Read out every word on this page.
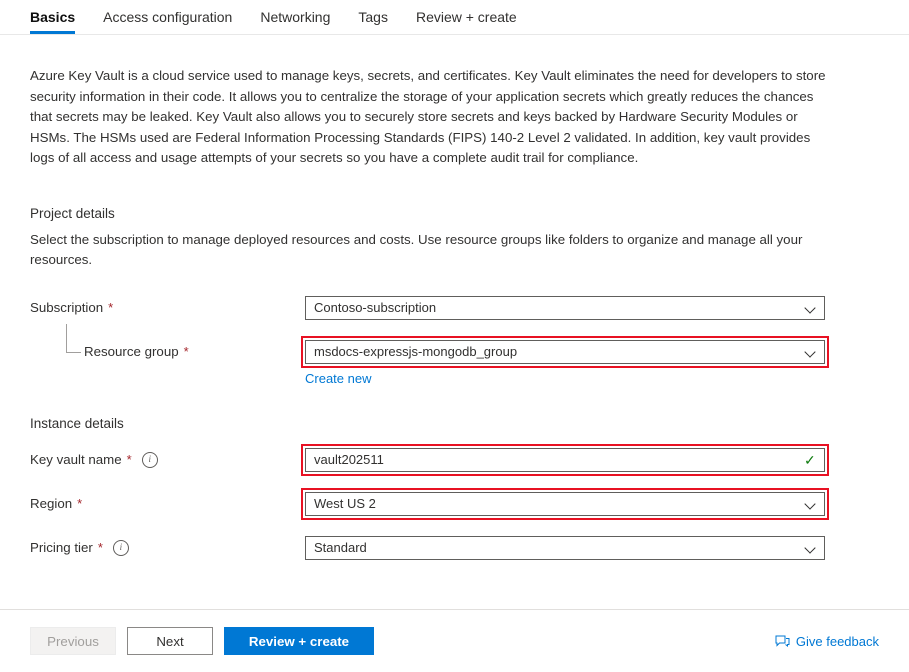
Basics	Access configuration	Networking	Tags	Review + create

Azure Key Vault is a cloud service used to manage keys, secrets, and certificates. Key Vault eliminates the need for developers to store security information in their code. It allows you to centralize the storage of your application secrets which greatly reduces the chances that secrets may be leaked. Key Vault also allows you to securely store secrets and keys backed by Hardware Security Modules or HSMs. The HSMs used are Federal Information Processing Standards (FIPS) 140-2 Level 2 validated. In addition, key vault provides logs of all access and usage attempts of your secrets so you have a complete audit trail for compliance.

Project details
Select the subscription to manage deployed resources and costs. Use resource groups like folders to organize and manage all your resources.
Subscription *	Contoso-subscription
Resource group *	msdocs-expressjs-mongodb_group
Create new
Instance details
Key vault name *	i	vault202511	✓
Region *	West US 2
Pricing tier *	i	Standard
Previous	Next	Review + create	Give feedback
